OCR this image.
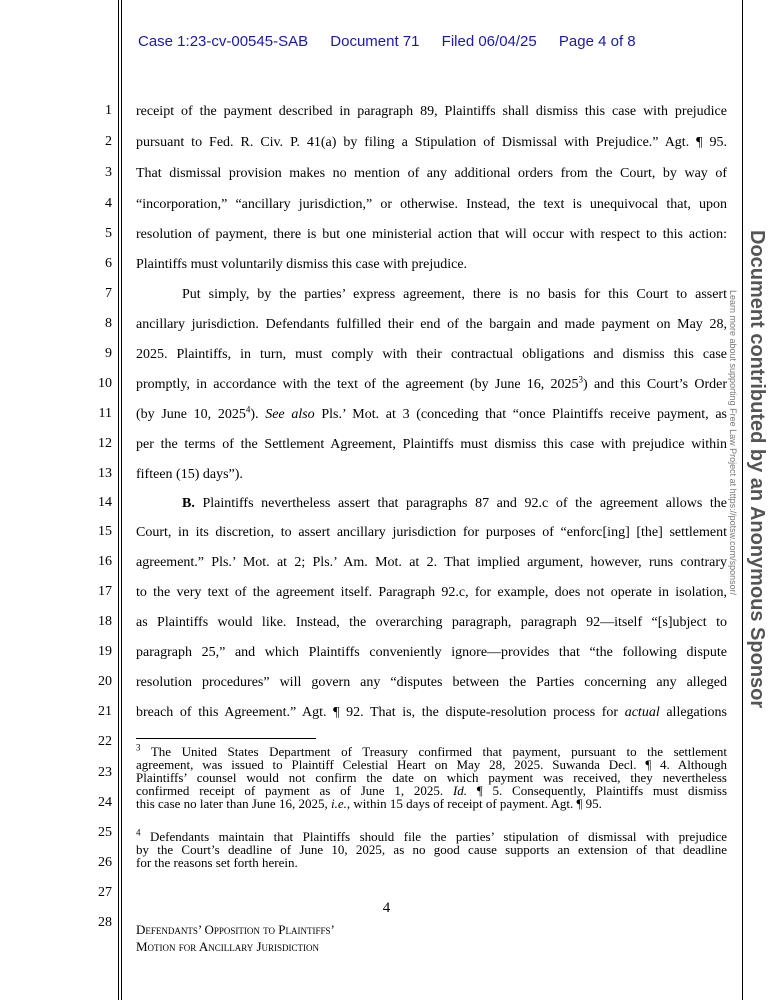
Case 1:23-cv-00545-SAB Document 71 Filed 06/04/25 Page 4 of 8
1
2
3
4
5
6
7
8
9
10
11
12
13
14
15
16
17
18
19
20
21
22
23
24
25
26
27
28
receipt of the payment described in paragraph 89, Plaintiffs shall dismiss this case with prejudice
pursuant to Fed. R. Civ. P. 41(a) by filing a Stipulation of Dismissal with Prejudice.” Agt. ¶ 95.
That dismissal provision makes no mention of any additional orders from the Court, by way of
“incorporation,” “ancillary jurisdiction,” or otherwise. Instead, the text is unequivocal that, upon
resolution of payment, there is but one ministerial action that will occur with respect to this action:
Plaintiffs must voluntarily dismiss this case with prejudice.
Put simply, by the parties’ express agreement, there is no basis for this Court to assert
ancillary jurisdiction. Defendants fulfilled their end of the bargain and made payment on May 28,
2025. Plaintiffs, in turn, must comply with their contractual obligations and dismiss this case
promptly, in accordance with the text of the agreement (by June 16, 2025$^3$) and this Court’s Order
(by June 10, 2025$^4$). See also Pls.’ Mot. at 3 (conceding that “once Plaintiffs receive payment, as
per the terms of the Settlement Agreement, Plaintiffs must dismiss this case with prejudice within
fifteen (15) days”).
B. Plaintiffs nevertheless assert that paragraphs 87 and 92.c of the agreement allows the
Court, in its discretion, to assert ancillary jurisdiction for purposes of “enforc[ing] [the] settlement
agreement.” Pls.’ Mot. at 2; Pls.’ Am. Mot. at 2. That implied argument, however, runs contrary
to the very text of the agreement itself. Paragraph 92.c, for example, does not operate in isolation,
as Plaintiffs would like. Instead, the overarching paragraph, paragraph 92—itself “[s]ubject to
paragraph 25,” and which Plaintiffs conveniently ignore—provides that “the following dispute
resolution procedures” will govern any “disputes between the Parties concerning any alleged
breach of this Agreement.” Agt. ¶ 92. That is, the dispute-resolution process for actual allegations
$^3$ The United States Department of Treasury confirmed that payment, pursuant to the settlement
agreement, was issued to Plaintiff Celestial Heart on May 28, 2025. Suwanda Decl. ¶ 4. Although
Plaintiffs’ counsel would not confirm the date on which payment was received, they nevertheless
confirmed receipt of payment as of June 1, 2025. Id. ¶ 5. Consequently, Plaintiffs must dismiss
this case no later than June 16, 2025, i.e., within 15 days of receipt of payment. Agt. ¶ 95.
$^4$ Defendants maintain that Plaintiffs should file the parties’ stipulation of dismissal with prejudice
by the Court’s deadline of June 10, 2025, as no good cause supports an extension of that deadline
for the reasons set forth herein.
4
Defendants’ Opposition to Plaintiffs’
Motion for Ancillary Jurisdiction
Document contributed by an Anonymous Sponsor
Learn more about supporting Free Law Project at https://potsw.com/sponsor/
